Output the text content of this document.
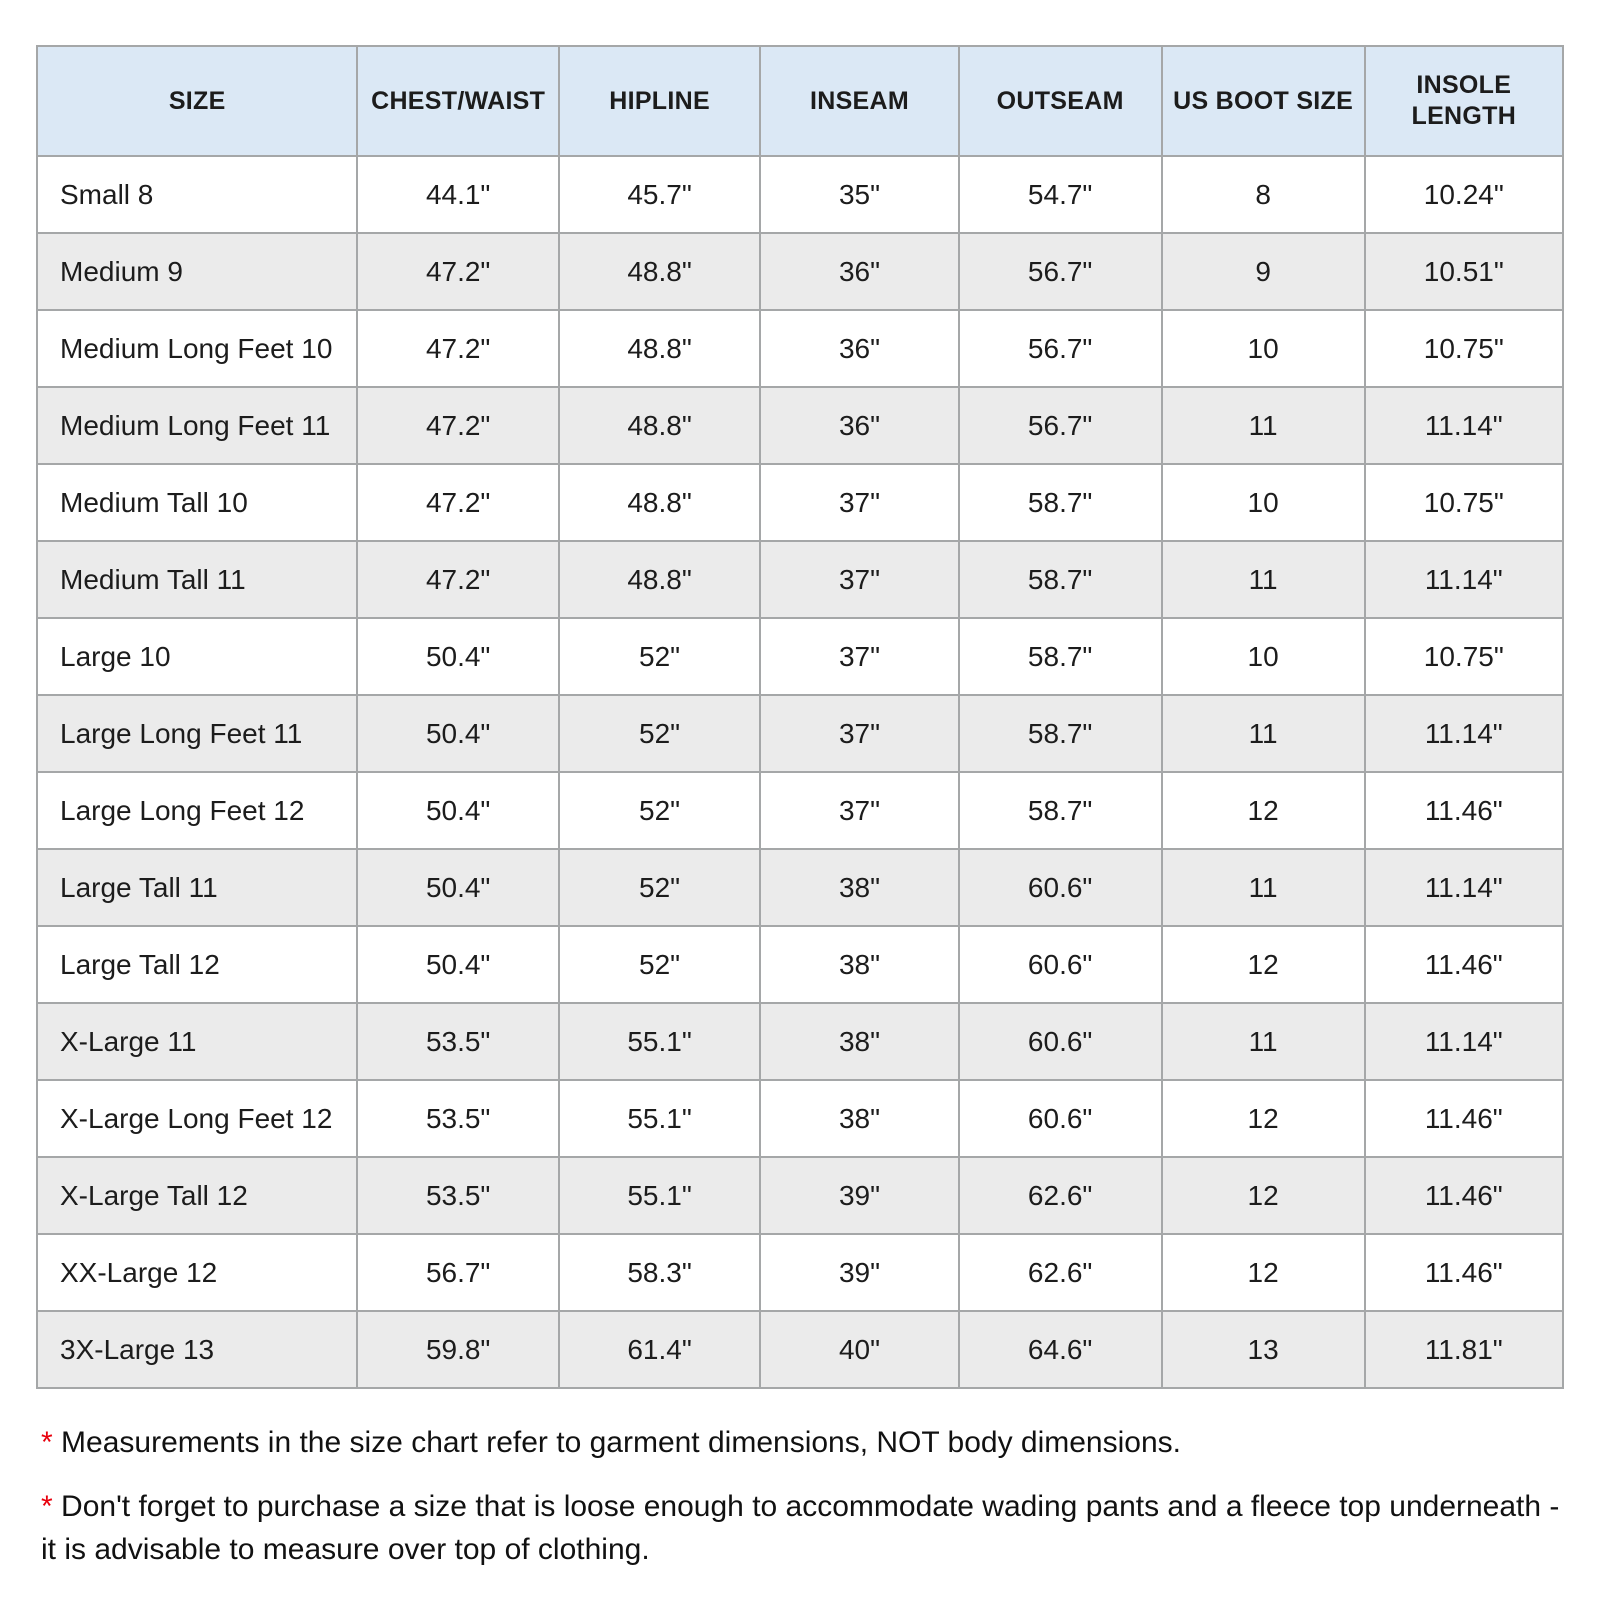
SIZE	CHEST/WAIST	HIPLINE	INSEAM	OUTSEAM	US BOOT SIZE	INSOLE LENGTH
Small 8	44.1"	45.7"	35"	54.7"	8	10.24"
Medium 9	47.2"	48.8"	36"	56.7"	9	10.51"
Medium Long Feet 10	47.2"	48.8"	36"	56.7"	10	10.75"
Medium Long Feet 11	47.2"	48.8"	36"	56.7"	11	11.14"
Medium Tall 10	47.2"	48.8"	37"	58.7"	10	10.75"
Medium Tall 11	47.2"	48.8"	37"	58.7"	11	11.14"
Large 10	50.4"	52"	37"	58.7"	10	10.75"
Large Long Feet 11	50.4"	52"	37"	58.7"	11	11.14"
Large Long Feet 12	50.4"	52"	37"	58.7"	12	11.46"
Large Tall 11	50.4"	52"	38"	60.6"	11	11.14"
Large Tall 12	50.4"	52"	38"	60.6"	12	11.46"
X-Large 11	53.5"	55.1"	38"	60.6"	11	11.14"
X-Large Long Feet 12	53.5"	55.1"	38"	60.6"	12	11.46"
X-Large Tall 12	53.5"	55.1"	39"	62.6"	12	11.46"
XX-Large 12	56.7"	58.3"	39"	62.6"	12	11.46"
3X-Large 13	59.8"	61.4"	40"	64.6"	13	11.81"

* Measurements in the size chart refer to garment dimensions, NOT body dimensions.

* Don't forget to purchase a size that is loose enough to accommodate wading pants and a fleece top underneath - it is advisable to measure over top of clothing.
